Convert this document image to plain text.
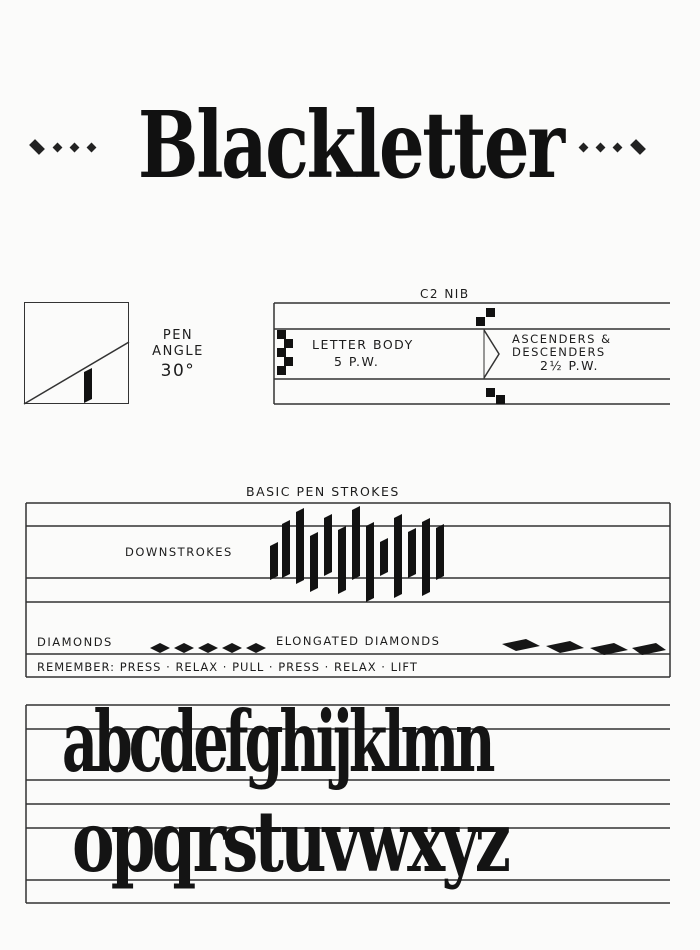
Blackletter
PEN
ANGLE
30°
C2 NIB
LETTER BODY
5 P.W.
ASCENDERS &
DESCENDERS
2½ P.W.
BASIC PEN STROKES
DOWNSTROKES
DIAMONDS	ELONGATED DIAMONDS
REMEMBER: PRESS · RELAX · PULL · PRESS · RELAX · LIFT
abcdefghijklmn
opqrstuvwxyz
